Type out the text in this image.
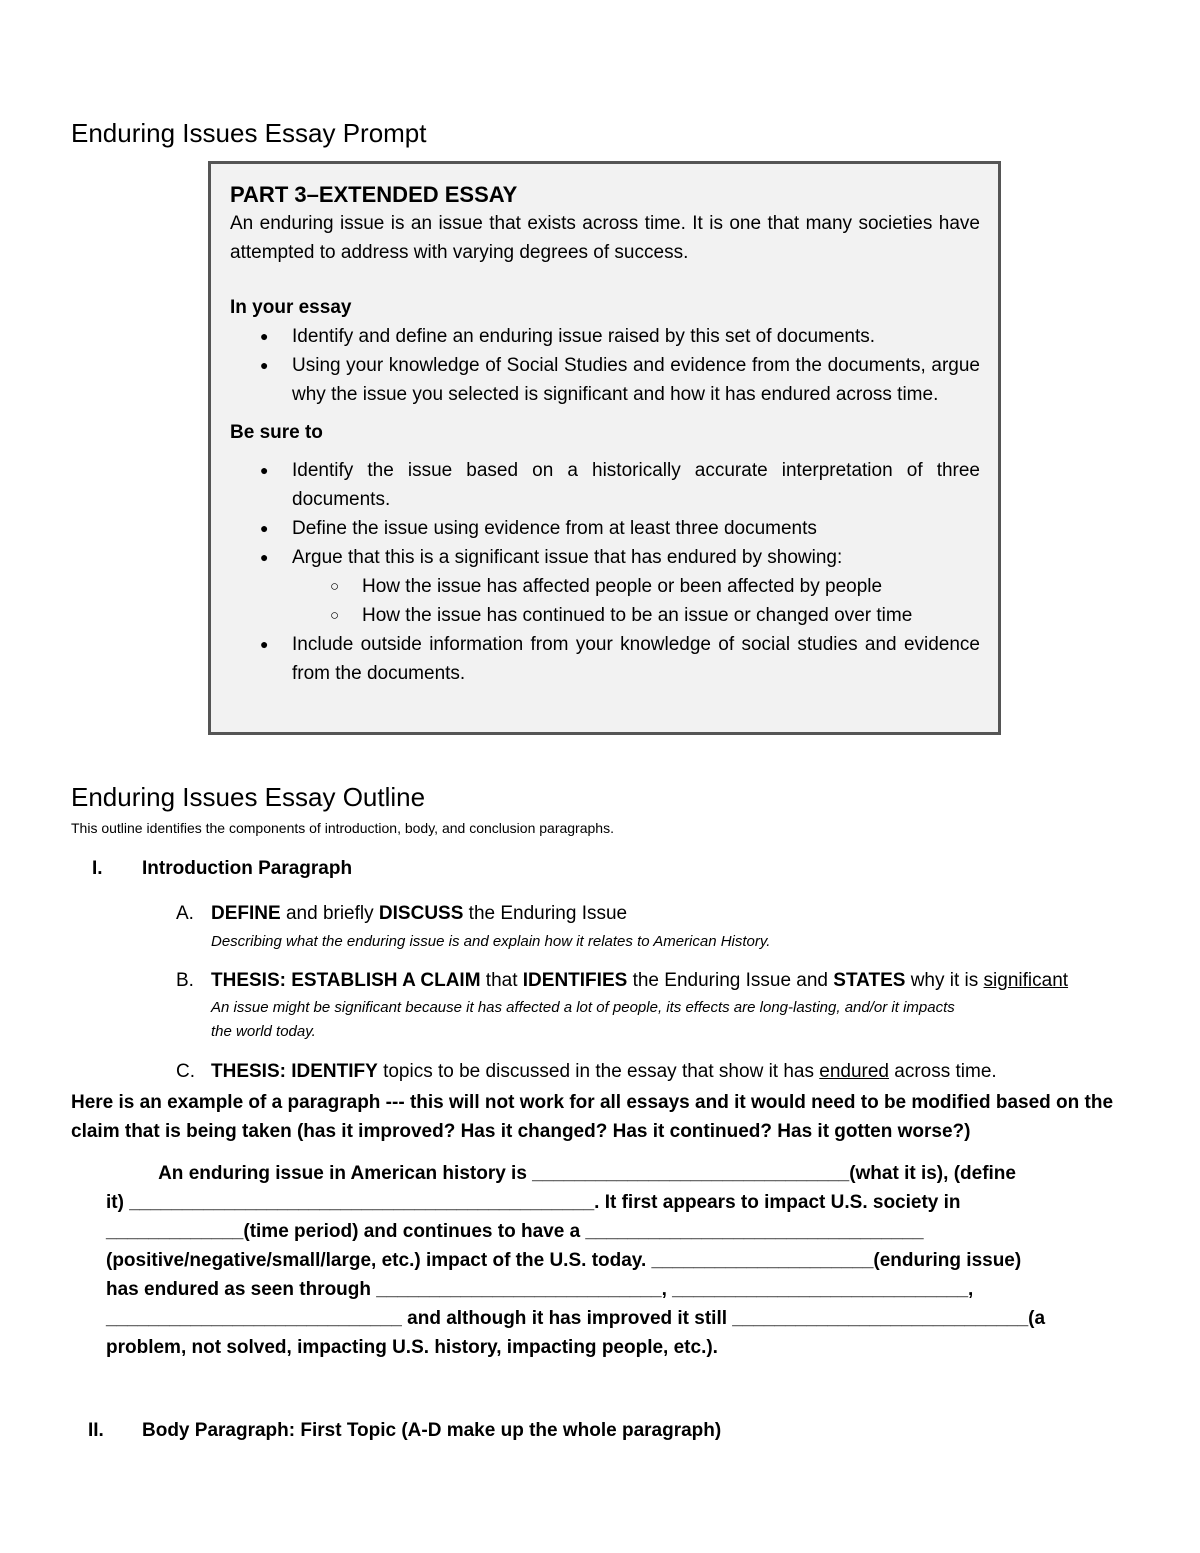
Enduring Issues Essay Prompt
PART 3–EXTENDED ESSAY
An enduring issue is an issue that exists across time. It is one that many societies have attempted to address with varying degrees of success.
In your essay
● Identify and define an enduring issue raised by this set of documents.
● Using your knowledge of Social Studies and evidence from the documents, argue why the issue you selected is significant and how it has endured across time.
Be sure to
● Identify the issue based on a historically accurate interpretation of three documents.
● Define the issue using evidence from at least three documents
● Argue that this is a significant issue that has endured by showing:
○ How the issue has affected people or been affected by people
○ How the issue has continued to be an issue or changed over time
● Include outside information from your knowledge of social studies and evidence from the documents.
Enduring Issues Essay Outline
This outline identifies the components of introduction, body, and conclusion paragraphs.
I. Introduction Paragraph
A. DEFINE and briefly DISCUSS the Enduring Issue
Describing what the enduring issue is and explain how it relates to American History.
B. THESIS: ESTABLISH A CLAIM that IDENTIFIES the Enduring Issue and STATES why it is significant
An issue might be significant because it has affected a lot of people, its effects are long-lasting, and/or it impacts
the world today.
C. THESIS: IDENTIFY topics to be discussed in the essay that show it has endured across time.
Here is an example of a paragraph --- this will not work for all essays and it would need to be modified based on the claim that is being taken (has it improved? Has it changed? Has it continued? Has it gotten worse?)
An enduring issue in American history is ______________________________(what it is), (define
it) ____________________________________________. It first appears to impact U.S. society in
_____________(time period) and continues to have a ________________________________
(positive/negative/small/large, etc.) impact of the U.S. today. _____________________(enduring issue)
has endured as seen through ___________________________, ____________________________,
____________________________ and although it has improved it still ____________________________(a
problem, not solved, impacting U.S. history, impacting people, etc.).
II. Body Paragraph: First Topic (A-D make up the whole paragraph)
